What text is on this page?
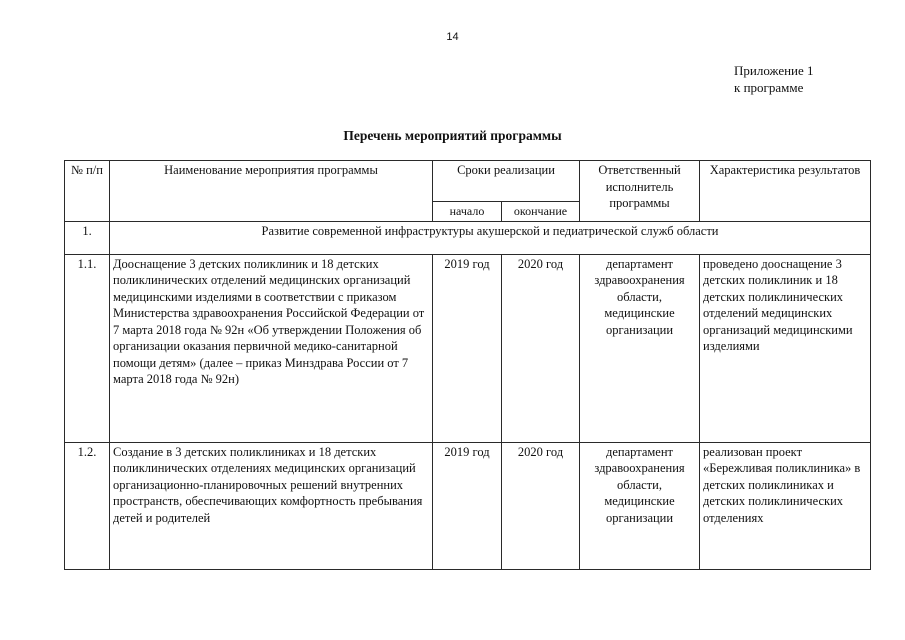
14
Приложение 1
к программе
Перечень мероприятий программы
№ п/п	Наименование мероприятия программы	Сроки реализации		Ответственный исполнитель программы	Характеристика результатов
		начало	окончание		
1.	Развитие современной инфраструктуры акушерской и педиатрической служб области				
1.1.	Дооснащение 3 детских поликлиник и 18 детских поликлинических отделений медицинских организаций медицинскими изделиями в соответствии с приказом Министерства здравоохранения Российской Федерации от 7 марта 2018 года № 92н «Об утверждении Положения об организации оказания первичной медико-санитарной помощи детям» (далее – приказ Минздрава России от 7 марта 2018 года № 92н)	2019 год	2020 год	департамент здравоохранения области, медицинские организации	проведено дооснащение 3 детских поликлиник и 18 детских поликлинических отделений медицинских организаций медицинскими изделиями
1.2.	Создание в 3 детских поликлиниках и 18 детских поликлинических отделениях медицинских организаций организационно-планировочных решений внутренних пространств, обеспечивающих комфортность пребывания детей и родителей	2019 год	2020 год	департамент здравоохранения области, медицинские организации	реализован проект «Бережливая поликлиника» в детских поликлиниках и детских поликлинических отделениях
